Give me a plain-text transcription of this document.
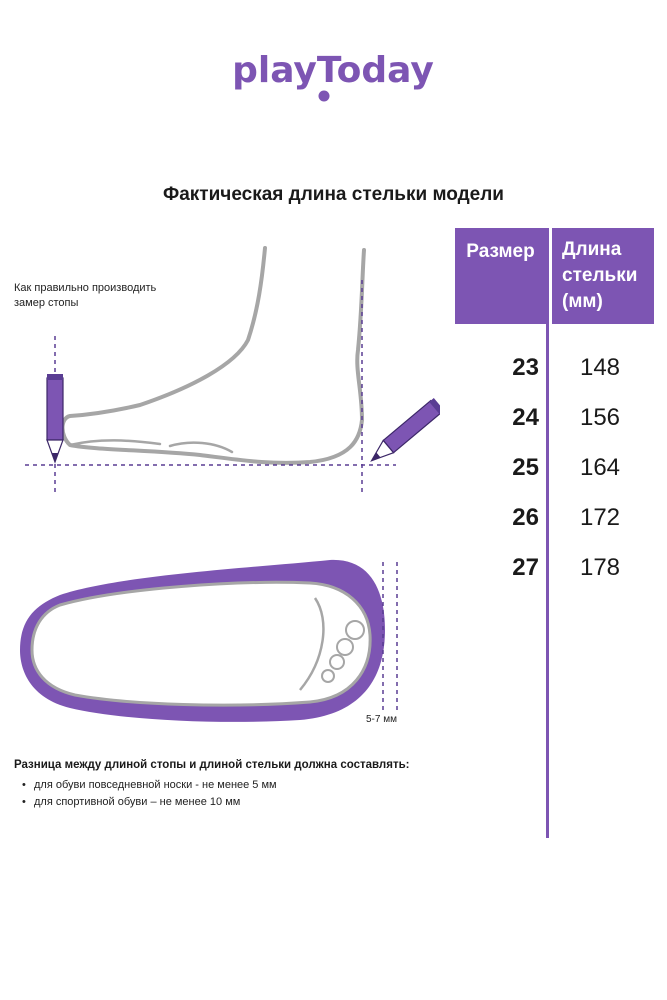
playToday
Фактическая длина стельки модели
Размер	Длина
стельки
(мм)
23	148
24	156
25	164
26	172
27	178
Как правильно производить
замер стопы
5-7 мм
Разница между длиной стопы и длиной стельки должна составлять:
• для обуви повседневной носки - не менее 5 мм
• для спортивной обуви – не менее 10 мм
